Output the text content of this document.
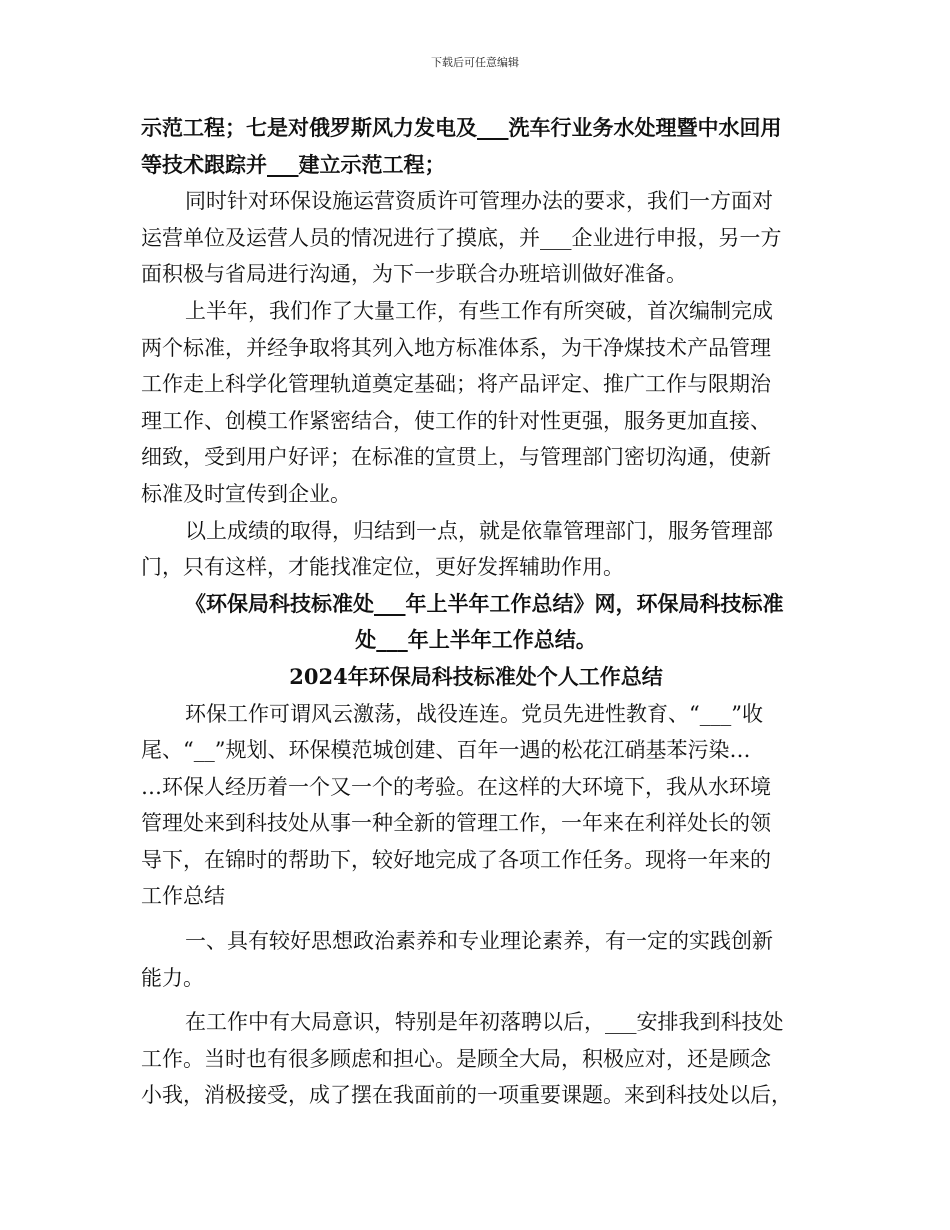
下载后可任意编辑
示范工程；七是对俄罗斯风力发电及___洗车行业务水处理暨中水回用
等技术跟踪并___建立示范工程；
同时针对环保设施运营资质许可管理办法的要求，我们一方面对
运营单位及运营人员的情况进行了摸底，并___企业进行申报，另一方
面积极与省局进行沟通，为下一步联合办班培训做好准备。
上半年，我们作了大量工作，有些工作有所突破，首次编制完成
两个标准，并经争取将其列入地方标准体系，为干净煤技术产品管理
工作走上科学化管理轨道奠定基础；将产品评定、推广工作与限期治
理工作、创模工作紧密结合，使工作的针对性更强，服务更加直接、
细致，受到用户好评；在标准的宣贯上，与管理部门密切沟通，使新
标准及时宣传到企业。
以上成绩的取得，归结到一点，就是依靠管理部门，服务管理部
门，只有这样，才能找准定位，更好发挥辅助作用。
《环保局科技标准处___年上半年工作总结》网，环保局科技标准
处___年上半年工作总结。
2024年环保局科技标准处个人工作总结
环保工作可谓风云激荡，战役连连。党员先进性教育、“___”收
尾、“__”规划、环保模范城创建、百年一遇的松花江硝基苯污染…
…环保人经历着一个又一个的考验。在这样的大环境下，我从水环境
管理处来到科技处从事一种全新的管理工作，一年来在利祥处长的领
导下，在锦时的帮助下，较好地完成了各项工作任务。现将一年来的
工作总结
一、具有较好思想政治素养和专业理论素养，有一定的实践创新
能力。
在工作中有大局意识，特别是年初落聘以后，___安排我到科技处
工作。当时也有很多顾虑和担心。是顾全大局，积极应对，还是顾念
小我，消极接受，成了摆在我面前的一项重要课题。来到科技处以后，
